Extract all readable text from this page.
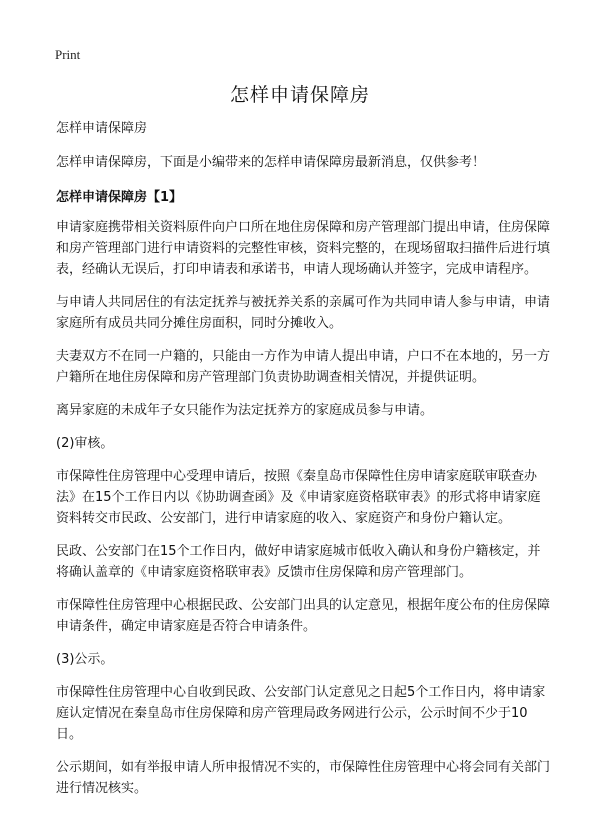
Print
怎样申请保障房

怎样申请保障房

怎样申请保障房，下面是小编带来的怎样申请保障房最新消息，仅供参考！

怎样申请保障房【1】

申请家庭携带相关资料原件向户口所在地住房保障和房产管理部门提出申请，住房保障和房产管理部门进行申请资料的完整性审核，资料完整的，在现场留取扫描件后进行填表，经确认无误后，打印申请表和承诺书，申请人现场确认并签字，完成申请程序。

与申请人共同居住的有法定抚养与被抚养关系的亲属可作为共同申请人参与申请，申请家庭所有成员共同分摊住房面积，同时分摊收入。

夫妻双方不在同一户籍的，只能由一方作为申请人提出申请，户口不在本地的，另一方户籍所在地住房保障和房产管理部门负责协助调查相关情况，并提供证明。

离异家庭的未成年子女只能作为法定抚养方的家庭成员参与申请。

(2)审核。

市保障性住房管理中心受理申请后，按照《秦皇岛市保障性住房申请家庭联审联查办法》在15个工作日内以《协助调查函》及《申请家庭资格联审表》的形式将申请家庭资料转交市民政、公安部门，进行申请家庭的收入、家庭资产和身份户籍认定。

民政、公安部门在15个工作日内，做好申请家庭城市低收入确认和身份户籍核定，并将确认盖章的《申请家庭资格联审表》反馈市住房保障和房产管理部门。

市保障性住房管理中心根据民政、公安部门出具的认定意见，根据年度公布的住房保障申请条件，确定申请家庭是否符合申请条件。

(3)公示。

市保障性住房管理中心自收到民政、公安部门认定意见之日起5个工作日内，将申请家庭认定情况在秦皇岛市住房保障和房产管理局政务网进行公示，公示时间不少于10日。

公示期间，如有举报申请人所申报情况不实的，市保障性住房管理中心将会同有关部门进行情况核实。
